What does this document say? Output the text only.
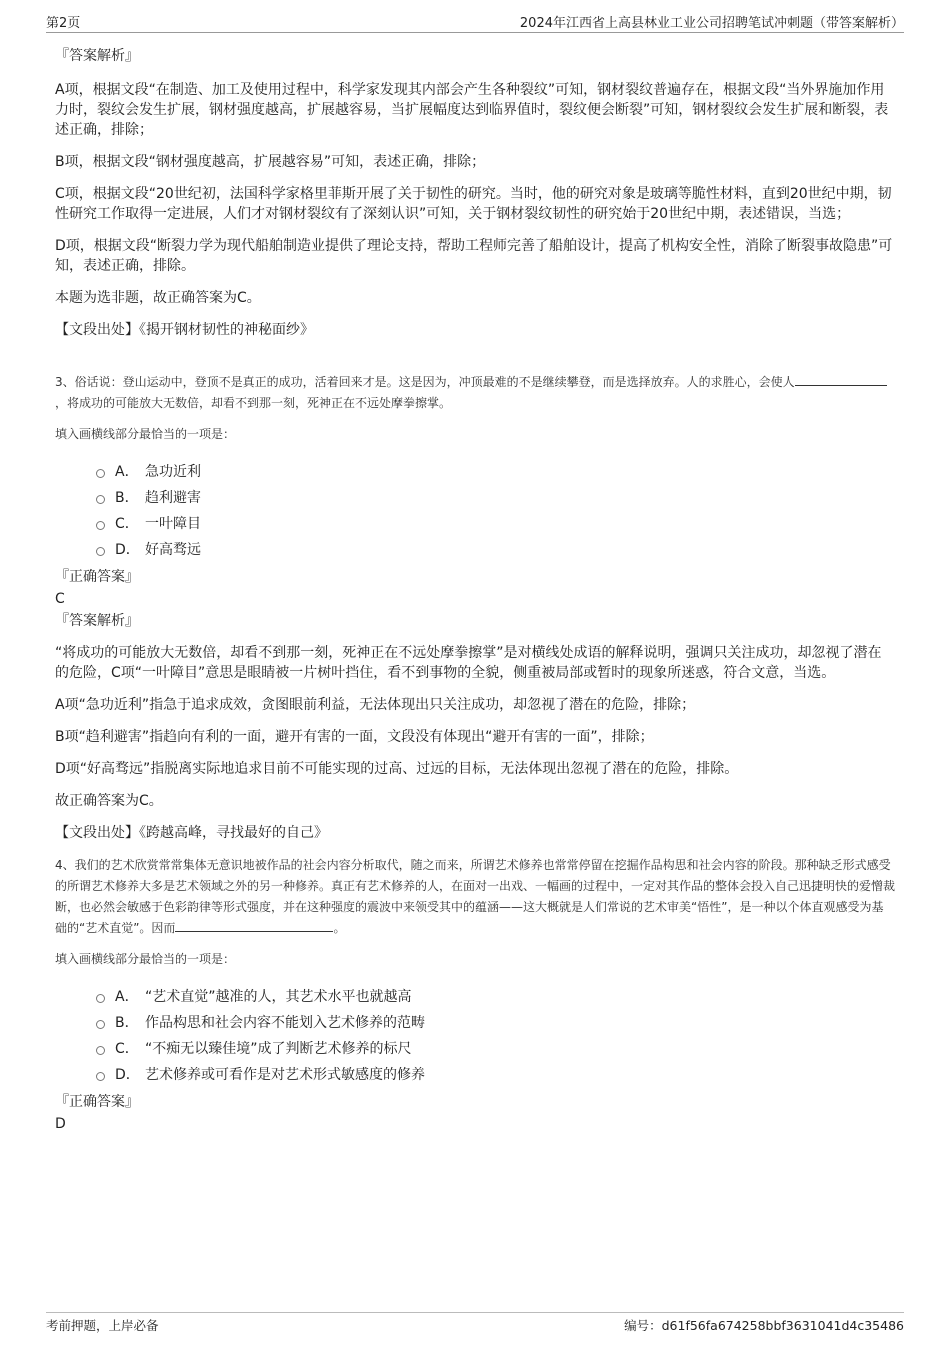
第2页	2024年江西省上高县林业工业公司招聘笔试冲刺题（带答案解析）
『答案解析』
A项，根据文段“在制造、加工及使用过程中，科学家发现其内部会产生各种裂纹”可知，钢材裂纹普遍存在，根据文段“当外界施加作用力时，裂纹会发生扩展，钢材强度越高，扩展越容易，当扩展幅度达到临界值时，裂纹便会断裂”可知，钢材裂纹会发生扩展和断裂，表述正确，排除；
B项，根据文段“钢材强度越高，扩展越容易”可知，表述正确，排除；
C项，根据文段“20世纪初，法国科学家格里菲斯开展了关于韧性的研究。当时，他的研究对象是玻璃等脆性材料，直到20世纪中期，韧性研究工作取得一定进展，人们才对钢材裂纹有了深刻认识”可知，关于钢材裂纹韧性的研究始于20世纪中期，表述错误，当选；
D项，根据文段“断裂力学为现代船舶制造业提供了理论支持，帮助工程师完善了船舶设计，提高了机构安全性，消除了断裂事故隐患”可知，表述正确，排除。
本题为选非题，故正确答案为C。
【文段出处】《揭开钢材韧性的神秘面纱》
3、俗话说：登山运动中，登顶不是真正的成功，活着回来才是。这是因为，冲顶最难的不是继续攀登，而是选择放弃。人的求胜心，会使人，将成功的可能放大无数倍，却看不到那一刻，死神正在不远处摩拳擦掌。
填入画横线部分最恰当的一项是：
A． 急功近利
B． 趋利避害
C． 一叶障目
D． 好高骛远
『正确答案』
C
『答案解析』
“将成功的可能放大无数倍，却看不到那一刻，死神正在不远处摩拳擦掌”是对横线处成语的解释说明，强调只关注成功，却忽视了潜在的危险，C项“一叶障目”意思是眼睛被一片树叶挡住，看不到事物的全貌，侧重被局部或暂时的现象所迷惑，符合文意，当选。
A项“急功近利”指急于追求成效，贪图眼前利益，无法体现出只关注成功，却忽视了潜在的危险，排除；
B项“趋利避害”指趋向有利的一面，避开有害的一面，文段没有体现出“避开有害的一面”，排除；
D项“好高骛远”指脱离实际地追求目前不可能实现的过高、过远的目标，无法体现出忽视了潜在的危险，排除。
故正确答案为C。
【文段出处】《跨越高峰，寻找最好的自己》
4、我们的艺术欣赏常常集体无意识地被作品的社会内容分析取代，随之而来，所谓艺术修养也常常停留在挖掘作品构思和社会内容的阶段。那种缺乏形式感受的所谓艺术修养大多是艺术领域之外的另一种修养。真正有艺术修养的人，在面对一出戏、一幅画的过程中，一定对其作品的整体会投入自己迅捷明快的爱憎裁断，也必然会敏感于色彩韵律等形式强度，并在这种强度的震波中来领受其中的蕴涵——这大概就是人们常说的艺术审美“悟性”，是一种以个体直观感受为基础的“艺术直觉”。因而	。
填入画横线部分最恰当的一项是：
A． “艺术直觉”越准的人，其艺术水平也就越高
B． 作品构思和社会内容不能划入艺术修养的范畴
C． “不痴无以臻佳境”成了判断艺术修养的标尺
D． 艺术修养或可看作是对艺术形式敏感度的修养
『正确答案』
D
考前押题，上岸必备	编号：d61f56fa674258bbf3631041d4c35486
